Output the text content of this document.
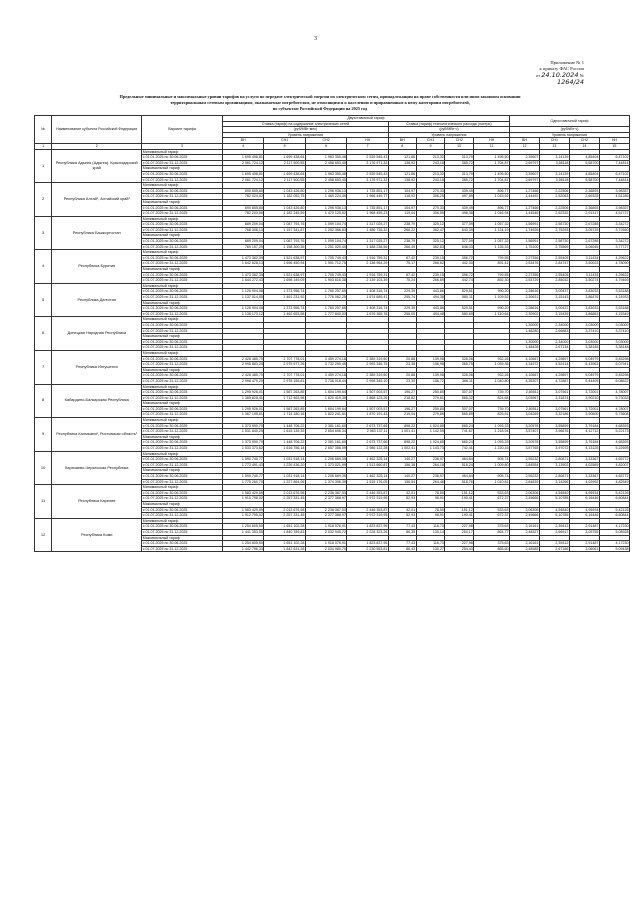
3
Приложение № 1
к приказу ФАС России
от 24.10.2024 № 1264/24
Предельные минимальные и максимальные уровни тарифов на услуги по передаче электрической энергии по электрическим сетям, принадлежащим на праве собственности или ином законном основании
территориальным сетевым организациям, оказываемые потребителям, не относящимся к населению и приравненным к нему категориям потребителей,
по субъектам Российской Федерации на 2025 год
№	Наименование субъекта Российской Федерации	Вариант тарифа	Двухставочный тариф								Одноставочный тариф			
			Ставка (тариф) на содержание электрических сетей				Ставка (тариф) технологического расхода (потерь)							
			(руб/МВт·мес)				(руб/МВт·ч)				(руб/кВт·ч)			
			Уровень напряжения				Уровень напряжения				Уровень напряжения			
			ВН	СН1	СН2	НН	ВН	СН1	СН2	НН	ВН	СН1	СН2	НН
1	2	3	4	5	6	7	8	9	10	11	12	13	14	15
1	Республика Адыгея (Адыгея), Краснодарский край	Минимальный тариф												
		с 01.01.2025 по 30.06.2025	1 695 498,81	1 699 438,64	1 963 350,48	2 539 545,43	121,86	213,32	313,79	1 495,50	2,39607	3,14139	4,85404	6,47102
		с 01.07.2025 по 31.12.2025	2 061 724,12	2 117 500,55	2 458 653,40	3 176 971,32	138,92	243,18	385,72	1 704,87	2,69797	3,58118	5,58700	7,44814
		Максимальный тариф												
		с 01.01.2025 по 30.06.2025	1 695 498,81	1 699 438,64	1 963 350,48	2 539 545,43	121,86	213,32	313,79	1 495,50	2,39607	3,14139	4,85404	6,47102
		с 01.07.2025 по 31.12.2025	2 061 724,12	2 117 500,55	2 458 653,40	3 176 971,32	138,92	243,18	385,72	1 704,87	2,69797	3,58118	5,58700	7,44814
2	Республика Алтай¹, Алтайский край¹	Минимальный тариф												
		с 01.01.2025 по 30.06.2025	690 655,80	1 043 426,80	1 296 936,13	1 735 851,17	104,97	270,33	439,49	896,77	1,27466	2,22506	2,36893	3,98357
		с 01.07.2025 по 31.12.2025	782 024,02	1 182 052,75	1 469 224,49	1 966 449,77	118,92	306,25	497,89	1 015,92	1,44492	2,52063	2,69325	4,51285
		Максимальный тариф												
		с 01.01.2025 по 30.06.2025	690 655,80	1 043 426,80	1 296 936,13	1 735 851,17	104,97	270,33	439,49	896,77	1,27466	2,22506	2,36893	3,98357
		с 01.07.2025 по 31.12.2025	782 203,06	1 182 245,59	1 470 125,52	1 968 455,23	119,04	306,55	498,38	1 016,94	1,44546	2,52332	2,91317	4,51737
3	Республика Башкортостан	Минимальный тариф												
		с 01.01.2025 по 30.06.2025	689 209,04	1 087 793,76	1 099 104,74	1 317 025,27	238,79	325,12	377,09	1 057,32	1,56991	2,58730	2,67288	3,34272
		с 01.07.2025 по 31.12.2025	768 308,13	1 157 341,87	1 252 366,83	1 486 735,32	266,22	362,47	643,39	1 124,19	1,74926	2,75293	3,05739	3,72550
		Максимальный тариф												
		с 01.01.2025 по 30.06.2025	689 209,04	1 087 793,76	1 099 104,74	1 317 025,27	238,79	325,12	377,09	1 057,32	1,56991	2,58730	2,67288	3,34272
		с 01.07.2025 по 31.12.2025	769 157,29	1 158 300,35	1 251 020,40	1 488 238,56	266,49	362,83	648,03	1 135,33	1,75100	2,75569	3,06045	3,77727
4	Республика Бурятия	Минимальный тариф												
		с 01.01.2025 по 30.06.2025	1 473 362,39	1 521 638,97	1 705 749,43	1 916 759,31	67,42	239,15	396,72	799,55	2,27356	2,55405	3,11434	4,29622
		с 01.07.2025 по 31.12.2025	1 642 628,13	1 696 450,94	1 901 712,75	2 136 964,29	75,17	266,62	442,30	891,41	2,53476	2,84747	3,50023	4,78090
		Максимальный тариф												
		с 01.01.2025 по 30.06.2025	1 473 362,39	1 521 638,97	1 705 749,43	1 916 759,31	67,42	239,15	396,72	799,55	2,27356	2,55405	3,11434	4,29622
		с 01.07.2025 по 31.12.2025	1 644 272,43	1 698 149,09	1 903 616,38	2 139 103,39	75,24	266,89	442,74	892,30	2,53729	2,85032	3,50274	4,79469
5	Республика Дагестан	Минимальный тариф												
		с 01.01.2025 по 30.06.2025	1 126 904,08	1 373 956,74	1 760 257,65	1 408 316,74	229,39	443,86	529,51	990,20	2,28616	3,00437	3,83033	3,53188
		с 01.07.2025 по 31.12.2025	1 137 014,95	1 461 231,92	1 776 062,25	1 674 689,41	255,74	494,38	580,11	1 109,52	2,30631	3,15143	3,86476	4,14933
		Максимальный тариф												
		с 01.01.2025 по 30.06.2025	1 126 904,08	1 373 956,74	1 760 257,65	1 408 316,74	229,39	443,86	529,51	990,20	2,28616	3,00437	3,83033	3,53188
		с 01.07.2025 по 31.12.2025	1 138 173,12	1 462 653,58	1 777 840,03	1 676 365,78	256,00	494,48	580,69	1 110,64	2,30902	3,15439	3,86863	4,15349
6	Донецкая Народная Республика	Минимальный тариф												
		с 01.01.2025 по 30.06.2025									1,30000	2,34000	3,03000	3,03000
		с 01.07.2025 по 31.12.2025									1,48280	2,66883	3,37410	3,37410
		Максимальный тариф												
		с 01.01.2025 по 30.06.2025									1,30000	2,34000	3,03000	3,03000
		с 01.07.2025 по 31.12.2025									1,48428	2,67134	3,38148	3,38148
7	Республика Ингушетия	Минимальный тариф												
		с 01.01.2025 по 30.06.2025	2 428 485,70	2 707 778,01	3 459 274,18	2 389 319,60	20,88	139,98	328,06	932,26	4,10667	4,29897	5,04979	5,45298
		с 01.07.2025 по 31.12.2025	2 995 883,25	2 975 577,26	3 732 290,45	2 993 346,75	23,38	156,98	365,75	1 039,36	4,34972	4,52414	5,43963	6,07941
		Максимальный тариф												
		с 01.01.2025 по 30.06.2025	2 428 485,70	2 707 778,01	3 459 274,18	2 389 319,60	20,88	139,98	328,06	932,26	4,10667	4,29897	5,04979	5,45298
		с 01.07.2025 по 31.12.2025	2 998 479,20	2 978 155,81	3 736 016,44	2 998 345,10	23,30	156,72	366,11	1 040,80	4,35307	4,72887	5,44405	6,08622
8	Кабардино-Балкарская Республика	Минимальный тариф												
		с 01.01.2025 по 30.06.2025	1 295 926,01	1 587 263,85	1 604 199,64	1 507 003,57	196,27	250,80	307,07	739,70	2,80511	3,07561	3,72001	4,78007
		с 01.07.2025 по 31.12.2025	1 365 828,41	1 712 463,98	1 820 419,35	1 868 123,26	218,82	279,61	565,32	824,68	3,03967	3,31874	3,90210	5,73033
		Максимальный тариф												
		с 01.01.2025 по 30.06.2025	1 295 926,01	1 587 263,85	1 604 199,64	1 507 003,57	196,27	250,80	307,07	739,70	2,80511	3,07561	3,72001	4,78007
		с 01.07.2025 по 31.12.2025	1 367 195,61	1 714 180,16	1 822 241,61	1 870 191,43	219,04	279,89	565,89	825,51	3,04269	3,32186	3,90600	5,73608
9	Республика Калмыкия¹, Ростовская область¹	Минимальный тариф												
		с 01.01.2025 по 30.06.2025	1 373 990,70	1 448 706,22	2 381 161,60	2 673 737,66	898,22	1 024,85	665,24	1 093,33	3,20578	3,55899	3,79184	4,68393
		с 01.07.2025 по 31.12.2025	1 531 840,25	1 615 139,39	2 654 696,34	2 983 137,11	1 001,41	1 142,59	741,67	1 218,94	3,57407	3,96676	4,12712	5,22173
		Максимальный тариф												
		с 01.01.2025 по 30.06.2025	1 373 990,70	1 448 706,22	2 381 161,60	2 673 737,66	898,22	1 024,85	665,24	1 093,33	3,20578	3,55899	3,79184	4,68393
		с 01.07.2025 по 31.12.2025	1 533 373,62	1 616 756,14	2 657 356,09	2 986 122,28	1 002,41	1 143,73	742,41	1 220,16	3,57765	3,97072	4,13125	5,22695
10	Карачаево-Черкесская Республика	Минимальный тариф												
		с 01.01.2025 по 30.06.2025	1 590 740,77	1 031 918,14	1 206 669,35	1 462 325,14	140,27	236,97	464,84	905,74	2,55232	2,80871	3,33367	4,65772
		с 01.07.2025 по 31.12.2025	1 773 491,43	1 226 436,20	1 373 021,99	1 513 660,87	156,38	264,18	518,24	1 009,80	2,84554	3,13902	4,02589	4,82007
		Максимальный тариф												
		с 01.01.2025 по 30.06.2025	1 590 740,77	1 031 918,14	1 206 669,35	1 462 325,14	140,27	236,97	464,84	905,74	2,55232	2,80871	3,33367	4,65772
		с 01.07.2025 по 31.12.2025	1 775 260,70	1 227 864,06	1 374 396,39	1 515 176,05	156,54	264,46	518,76	1 010,81	2,84839	3,14266	4,02992	4,82549
11	Республика Карелия	Минимальный тариф												
		с 01.01.2025 по 30.06.2025	1 583 429,59	2 013 676,98	2 236 367,53	2 446 353,87	42,01	78,50	151,12	533,63	2,06306	4,54840	4,95934	5,42126
		с 01.07.2025 по 31.12.2025	1 910 798,02	2 257 331,45	2 377 368,97	2 972 319,95	52,93	98,91	190,41	672,37	2,49666	5,10785	6,16446	6,60844
		Максимальный тариф												
		с 01.01.2025 по 30.06.2025	1 583 429,59	2 013 676,98	2 236 367,53	2 446 353,87	42,01	78,50	151,12	533,63	2,06306	4,54840	4,95934	5,42126
		с 01.07.2025 по 31.12.2025	1 912 795,02	2 257 331,45	2 377 368,97	2 972 319,95	52,93	98,91	190,41	672,37	2,49666	5,10785	6,16446	6,60844
12	Республика Коми	Минимальный тариф												
		с 01.01.2025 по 30.06.2025	1 254 605,50	1 651 102,28	1 918 076,91	1 823 837,95	77,43	116,73	227,98	375,63	2,16161	2,39412	2,91487	4,17230
		с 01.07.2025 по 31.12.2025	1 441 353,55	1 840 789,83	2 032 945,72	2 228 323,26	86,35	130,14	254,17	864,77	2,48327	2,66917	3,05755	5,08928
		Максимальный тариф												
		с 01.01.2025 по 30.06.2025	1 254 605,50	1 651 102,28	1 918 076,91	1 823 837,95	77,43	116,73	227,98	375,63	2,16161	2,39412	2,91487	4,17230
		с 01.07.2025 по 31.12.2025	1 442 796,33	1 842 631,28	2 034 980,70	2 230 553,81	86,43	130,27	254,43	865,60	2,48585	2,67186	3,06061	5,09438
